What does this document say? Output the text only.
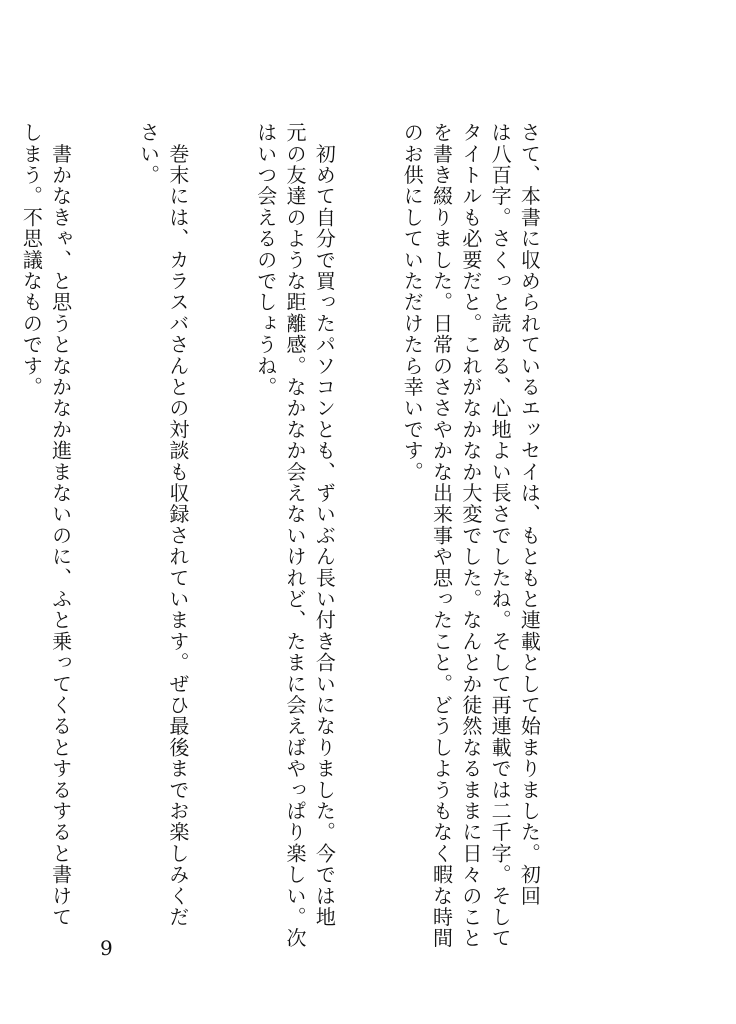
さて、本書に収められているエッセイは、もともと連載として始まりました。初回
は八百字。さくっと読める、心地よい長さでしたね。そして再連載では二千字。そして
タイトルも必要だと。これがなかなか大変でした。なんとか徒然なるままに日々のこと
を書き綴りました。日常のささやかな出来事や思ったこと。どうしようもなく暇な時間
のお供にしていただけたら幸いです。

　初めて自分で買ったパソコンとも、ずいぶん長い付き合いになりました。今では地
元の友達のような距離感。なかなか会えないけれど、たまに会えばやっぱり楽しい。次
はいつ会えるのでしょうね。

　巻末には、カラスバさんとの対談も収録されています。ぜひ最後までお楽しみくだ
さい。

　書かなきゃ、と思うとなかなか進まないのに、ふと乗ってくるとするすると書けて
しまう。不思議なものです。

9
